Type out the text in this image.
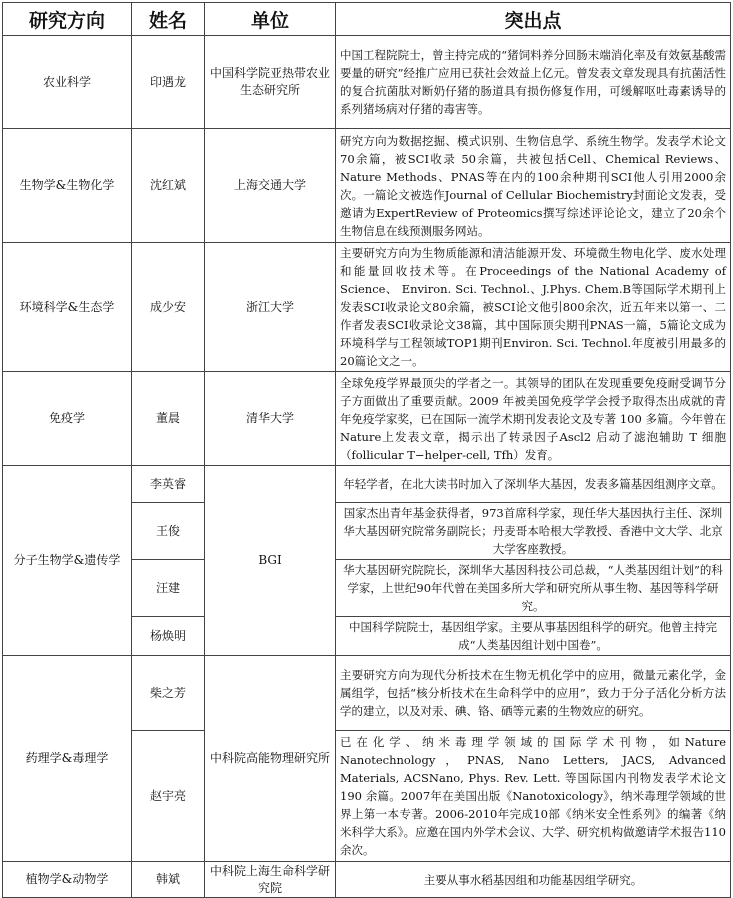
研究方向	姓名	单位	突出点
农业科学	印遇龙	中国科学院亚热带农业生态研究所	中国工程院院士，曾主持完成的“猪饲料养分回肠末端消化率及有效氨基酸需要量的研究”经推广应用已获社会效益上亿元。曾发表文章发现具有抗菌活性的复合抗菌肽对断奶仔猪的肠道具有损伤修复作用，可缓解呕吐毒素诱导的系列猪场病对仔猪的毒害等。
生物学&生物化学	沈红斌	上海交通大学	研究方向为数据挖掘、模式识别、生物信息学、系统生物学。发表学术论文70余篇，被SCI收录 50余篇，共被包括Cell、Chemical Reviews、Nature Methods、PNAS等在内的100余种期刊SCI他人引用2000余次。一篇论文被选作Journal of Cellular Biochemistry封面论文发表，受邀请为ExpertReview of Proteomics撰写综述评论论文，建立了20余个生物信息在线预测服务网站。
环境科学&生态学	成少安	浙江大学	主要研究方向为生物质能源和清洁能源开发、环境微生物电化学、废水处理和能量回收技术等。在Proceedings of the National Academy of Science、 Environ. Sci. Technol.、J.Phys. Chem.B等国际学术期刊上发表SCI收录论文80余篇，被SCI论文他引800余次，近五年来以第一、二作者发表SCI收录论文38篇，其中国际顶尖期刊PNAS一篇，5篇论文成为环境科学与工程领域TOP1期刊Environ. Sci. Technol.年度被引用最多的20篇论文之一。
免疫学	董晨	清华大学	全球免疫学界最顶尖的学者之一。其领导的团队在发现重要免疫耐受调节分子方面做出了重要贡献。2009 年被美国免疫学学会授予取得杰出成就的青年免疫学家奖，已在国际一流学术期刊发表论文及专著 100 多篇。今年曾在Nature上发表文章，揭示出了转录因子Ascl2 启动了滤泡辅助 T 细胞（follicular T−helper-cell, Tfh）发育。
分子生物学&遗传学	李英睿	BGI	年轻学者，在北大读书时加入了深圳华大基因，发表多篇基因组测序文章。
	王俊		国家杰出青年基金获得者，973首席科学家，现任华大基因执行主任、深圳华大基因研究院常务副院长；丹麦哥本哈根大学教授、香港中文大学、北京大学客座教授。
	汪建		华大基因研究院院长，深圳华大基因科技公司总裁，“人类基因组计划”的科学家，上世纪90年代曾在美国多所大学和研究所从事生物、基因等科学研究。
	杨焕明		中国科学院院士，基因组学家。主要从事基因组科学的研究。他曾主持完成“人类基因组计划中国卷”。
药理学&毒理学	柴之芳	中科院高能物理研究所	主要研究方向为现代分析技术在生物无机化学中的应用，微量元素化学，金属组学，包括“核分析技术在生命科学中的应用”，致力于分子活化分析方法学的建立，以及对汞、碘、铬、硒等元素的生物效应的研究。
	赵宇亮		已在化学、纳米毒理学领域的国际学术刊物，如Nature Nanotechnology，PNAS, Nano Letters, JACS, Advanced Materials, ACSNano, Phys. Rev. Lett. 等国际国内刊物发表学术论文190 余篇。2007年在美国出版《Nanotoxicology》，纳米毒理学领域的世界上第一本专著。2006-2010年完成10部《纳米安全性系列》的编著《纳米科学大系》。应邀在国内外学术会议、大学、研究机构做邀请学术报告110余次。
植物学&动物学	韩斌	中科院上海生命科学研究院	主要从事水稻基因组和功能基因组学研究。
